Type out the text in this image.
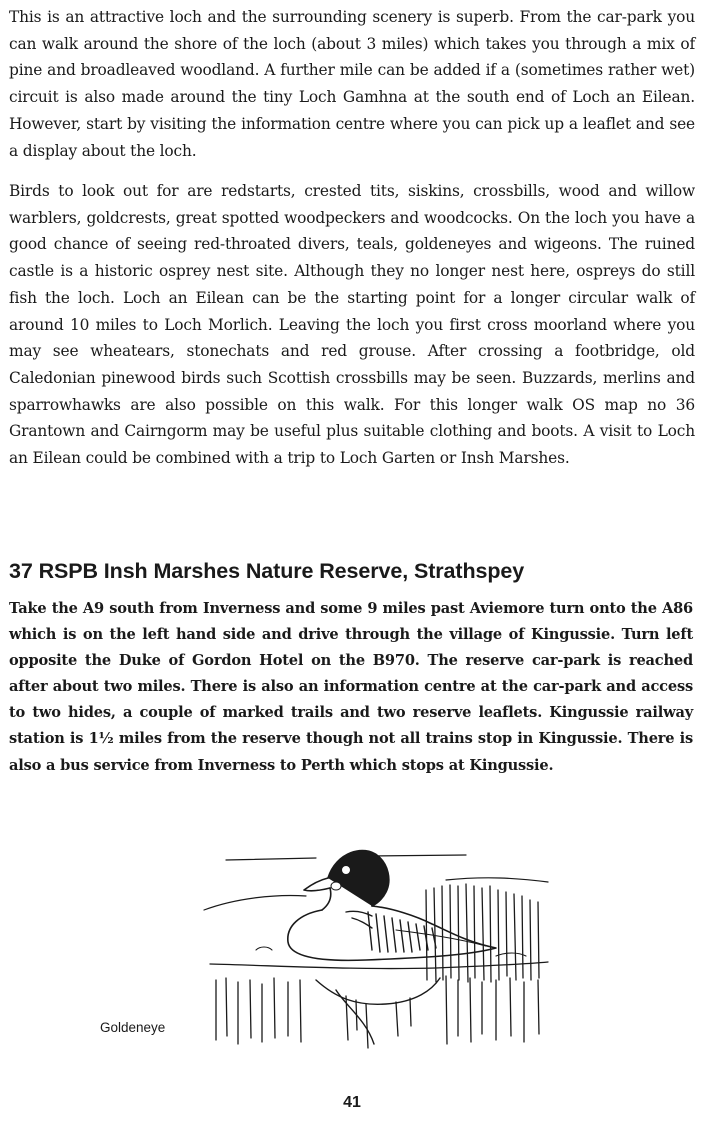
This is an attractive loch and the surrounding scenery is superb. From the car-park you can walk around the shore of the loch (about 3 miles) which takes you through a mix of pine and broadleaved woodland. A further mile can be added if a (sometimes rather wet) circuit is also made around the tiny Loch Gamhna at the south end of Loch an Eilean. However, start by visiting the information centre where you can pick up a leaflet and see a display about the loch.

Birds to look out for are redstarts, crested tits, siskins, crossbills, wood and willow warblers, goldcrests, great spotted woodpeckers and woodcocks. On the loch you have a good chance of seeing red-throated divers, teals, goldeneyes and wigeons. The ruined castle is a historic osprey nest site. Although they no longer nest here, ospreys do still fish the loch. Loch an Eilean can be the starting point for a longer circular walk of around 10 miles to Loch Morlich. Leaving the loch you first cross moorland where you may see wheatears, stonechats and red grouse. After crossing a footbridge, old Caledonian pinewood birds such Scottish crossbills may be seen. Buzzards, merlins and sparrowhawks are also possible on this walk. For this longer walk OS map no 36 Grantown and Cairngorm may be useful plus suitable clothing and boots. A visit to Loch an Eilean could be combined with a trip to Loch Garten or Insh Marshes.

37 RSPB Insh Marshes Nature Reserve, Strathspey

Take the A9 south from Inverness and some 9 miles past Aviemore turn onto the A86 which is on the left hand side and drive through the village of Kingussie. Turn left opposite the Duke of Gordon Hotel on the B970. The reserve car-park is reached after about two miles. There is also an information centre at the car-park and access to two hides, a couple of marked trails and two reserve leaflets. Kingussie railway station is 1½ miles from the reserve though not all trains stop in Kingussie. There is also a bus service from Inverness to Perth which stops at Kingussie.

Goldeneye

41
